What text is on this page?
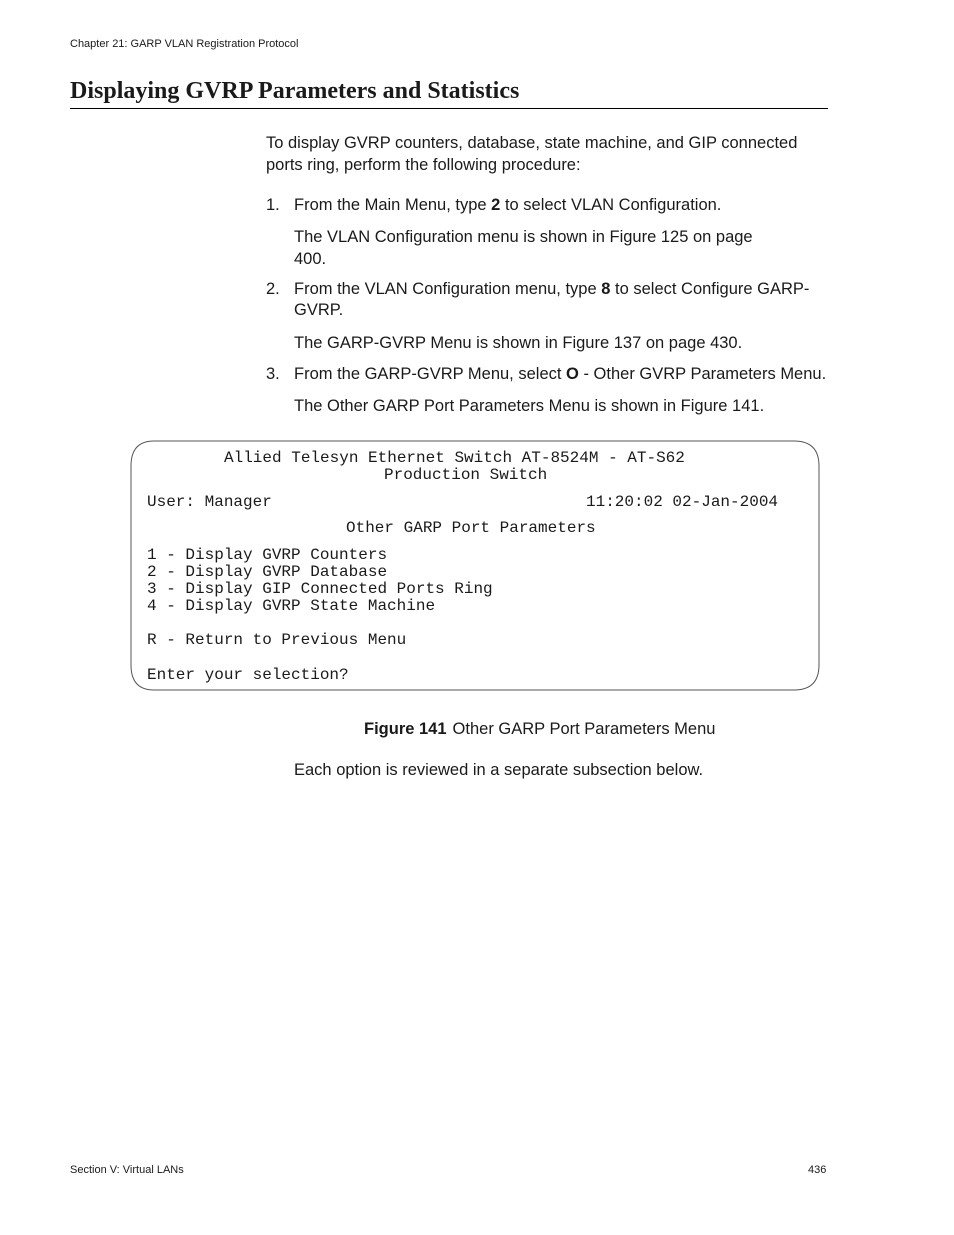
Chapter 21: GARP VLAN Registration Protocol
Displaying GVRP Parameters and Statistics
To display GVRP counters, database, state machine, and GIP connected ports ring, perform the following procedure:
1. From the Main Menu, type 2 to select VLAN Configuration.
The VLAN Configuration menu is shown in Figure 125 on page 400.
2. From the VLAN Configuration menu, type 8 to select Configure GARP-GVRP.
The GARP-GVRP Menu is shown in Figure 137 on page 430.
3. From the GARP-GVRP Menu, select O - Other GVRP Parameters Menu.
The Other GARP Port Parameters Menu is shown in Figure 141.
Allied Telesyn Ethernet Switch AT-8524M - AT-S62
Production Switch
User: Manager	11:20:02 02-Jan-2004
Other GARP Port Parameters
1 - Display GVRP Counters
2 - Display GVRP Database
3 - Display GIP Connected Ports Ring
4 - Display GVRP State Machine
R - Return to Previous Menu
Enter your selection?
Figure 141 Other GARP Port Parameters Menu
Each option is reviewed in a separate subsection below.
Section V: Virtual LANs	436
